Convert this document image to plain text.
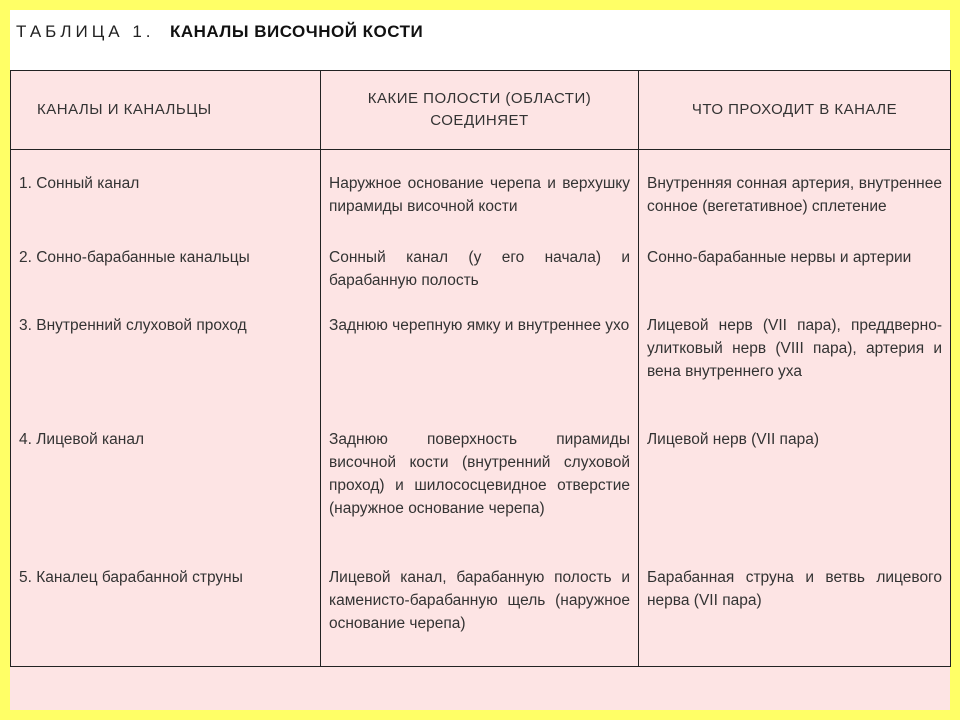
ТАБЛИЦА 1. КАНАЛЫ ВИСОЧНОЙ КОСТИ
КАНАЛЫ И КАНАЛЬЦЫ	КАКИЕ ПОЛОСТИ (ОБЛАСТИ) СОЕДИНЯЕТ	ЧТО ПРОХОДИТ В КАНАЛЕ
1. Сонный канал	Наружное основание черепа и верхушку пирамиды височной кости	Внутренняя сонная артерия, внутреннее сонное (вегетативное) сплетение
2. Сонно-барабанные канальцы	Сонный канал (у его начала) и барабанную полость	Сонно-барабанные нервы и артерии
3. Внутренний слуховой проход	Заднюю черепную ямку и внутреннее ухо	Лицевой нерв (VII пара), преддверно-улитковый нерв (VIII пара), артерия и вена внутреннего уха
4. Лицевой канал	Заднюю поверхность пирамиды височной кости (внутренний слуховой проход) и шилососцевидное отверстие (наружное основание черепа)	Лицевой нерв (VII пара)
5. Каналец барабанной струны	Лицевой канал, барабанную полость и каменисто-барабанную щель (наружное основание черепа)	Барабанная струна и ветвь лицевого нерва (VII пара)
